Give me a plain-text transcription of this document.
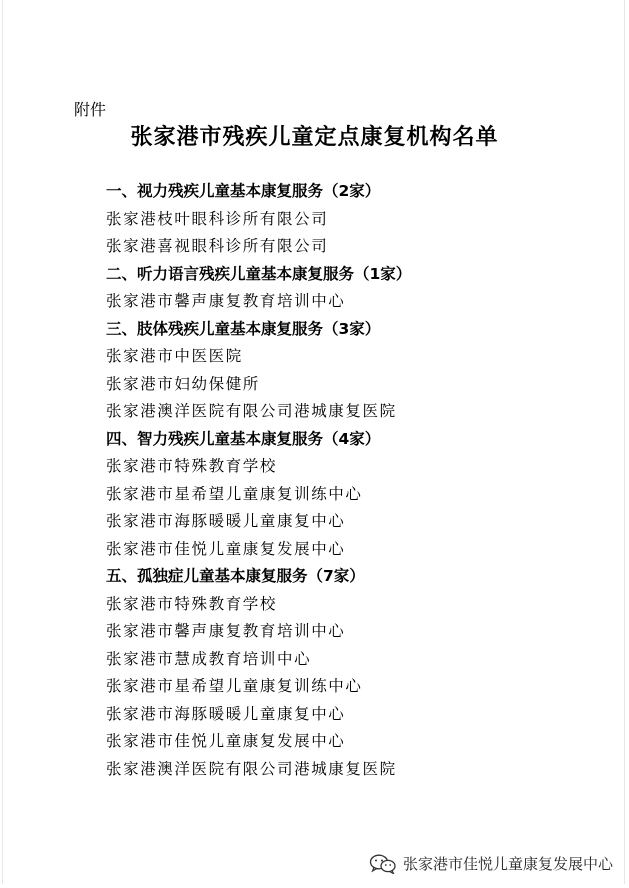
附件
张家港市残疾儿童定点康复机构名单
一、视力残疾儿童基本康复服务（2家）
张家港枝叶眼科诊所有限公司
张家港喜视眼科诊所有限公司
二、听力语言残疾儿童基本康复服务（1家）
张家港市馨声康复教育培训中心
三、肢体残疾儿童基本康复服务（3家）
张家港市中医医院
张家港市妇幼保健所
张家港澳洋医院有限公司港城康复医院
四、智力残疾儿童基本康复服务（4家）
张家港市特殊教育学校
张家港市星希望儿童康复训练中心
张家港市海豚暖暖儿童康复中心
张家港市佳悦儿童康复发展中心
五、孤独症儿童基本康复服务（7家）
张家港市特殊教育学校
张家港市馨声康复教育培训中心
张家港市慧成教育培训中心
张家港市星希望儿童康复训练中心
张家港市海豚暖暖儿童康复中心
张家港市佳悦儿童康复发展中心
张家港澳洋医院有限公司港城康复医院
张家港市佳悦儿童康复发展中心
